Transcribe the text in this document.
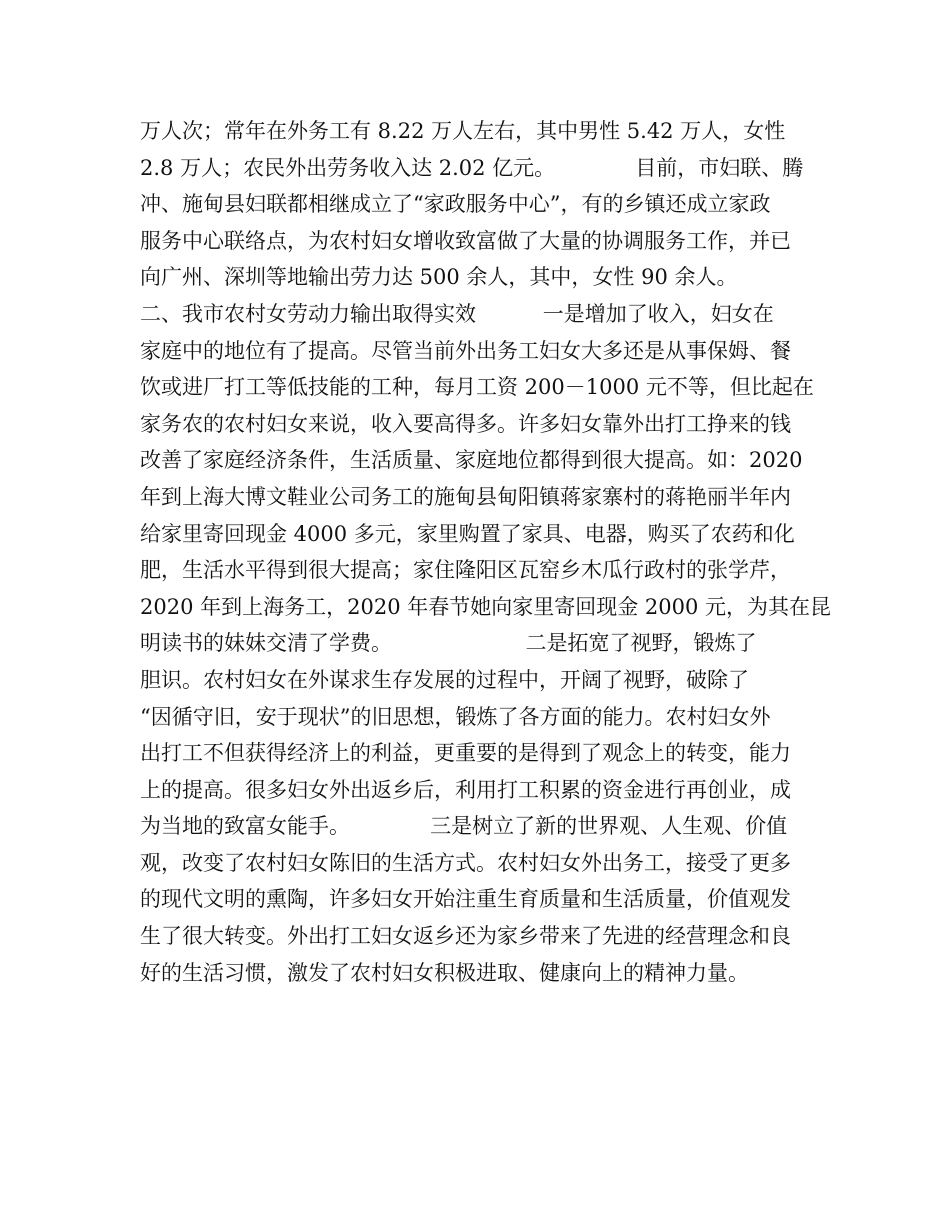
万人次；常年在外务工有 8.22 万人左右，其中男性 5.42 万人，女性
2.8 万人；农民外出劳务收入达 2.02 亿元。            目前，市妇联、腾
冲、施甸县妇联都相继成立了“家政服务中心”，有的乡镇还成立家政
服务中心联络点，为农村妇女增收致富做了大量的协调服务工作，并已
向广州、深圳等地输出劳力达 500 余人，其中，女性 90 余人。
二、我市农村女劳动力输出取得实效          一是增加了收入，妇女在
家庭中的地位有了提高。尽管当前外出务工妇女大多还是从事保姆、餐
饮或进厂打工等低技能的工种，每月工资 200－1000 元不等，但比起在
家务农的农村妇女来说，收入要高得多。许多妇女靠外出打工挣来的钱
改善了家庭经济条件，生活质量、家庭地位都得到很大提高。如：2020
年到上海大博文鞋业公司务工的施甸县甸阳镇蒋家寨村的蒋艳丽半年内
给家里寄回现金 4000 多元，家里购置了家具、电器，购买了农药和化
肥，生活水平得到很大提高；家住隆阳区瓦窑乡木瓜行政村的张学芹，
2020 年到上海务工，2020 年春节她向家里寄回现金 2000 元，为其在昆
明读书的妹妹交清了学费。                    二是拓宽了视野，锻炼了
胆识。农村妇女在外谋求生存发展的过程中，开阔了视野，破除了
“因循守旧，安于现状”的旧思想，锻炼了各方面的能力。农村妇女外
出打工不但获得经济上的利益，更重要的是得到了观念上的转变，能力
上的提高。很多妇女外出返乡后，利用打工积累的资金进行再创业，成
为当地的致富女能手。            三是树立了新的世界观、人生观、价值
观，改变了农村妇女陈旧的生活方式。农村妇女外出务工，接受了更多
的现代文明的熏陶，许多妇女开始注重生育质量和生活质量，价值观发
生了很大转变。外出打工妇女返乡还为家乡带来了先进的经营理念和良
好的生活习惯，激发了农村妇女积极进取、健康向上的精神力量。
